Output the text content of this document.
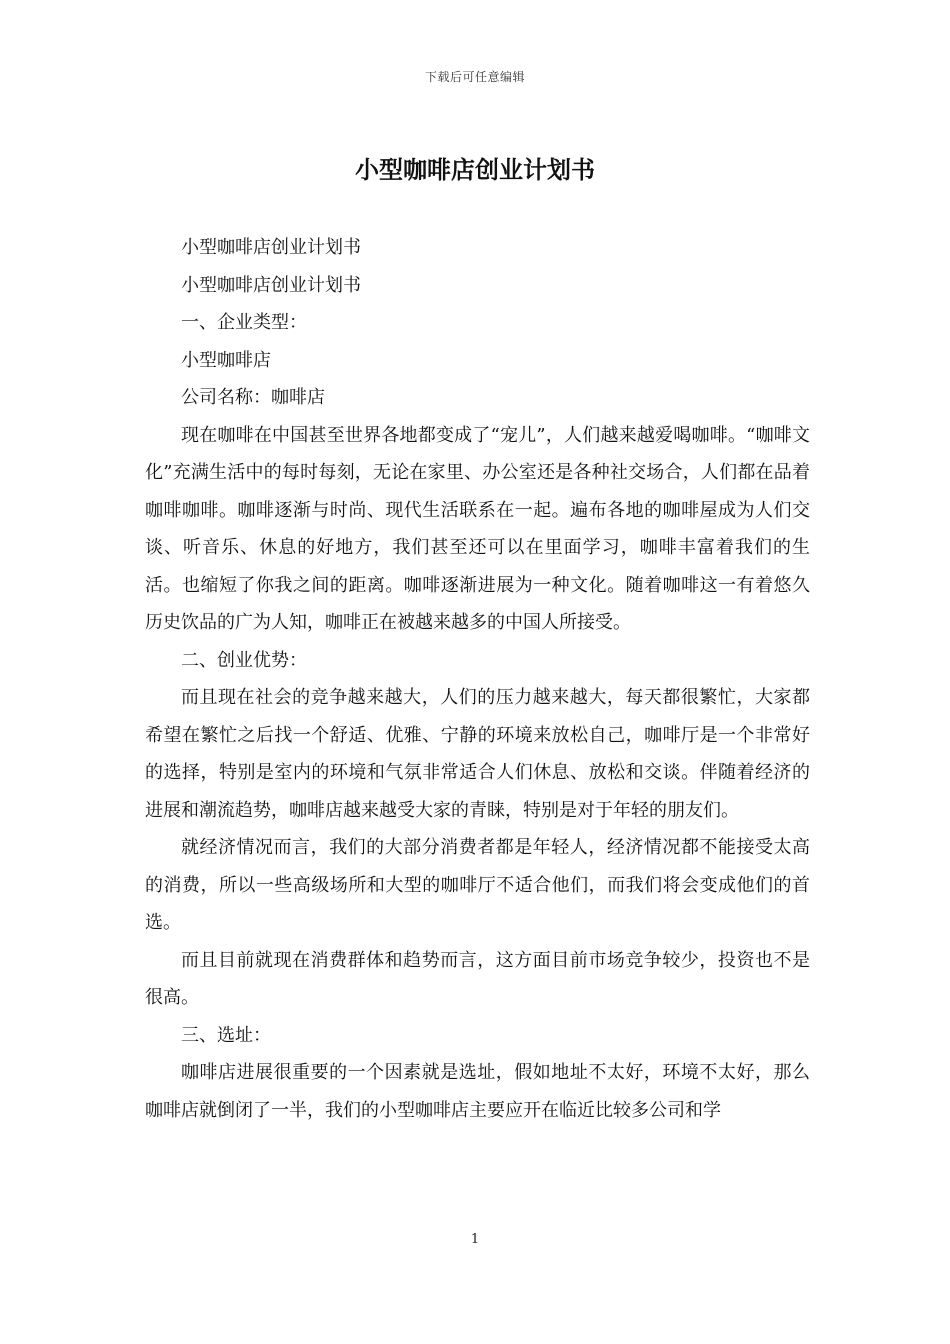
下载后可任意编辑
小型咖啡店创业计划书

小型咖啡店创业计划书

小型咖啡店创业计划书

一、企业类型：

小型咖啡店

公司名称：咖啡店

现在咖啡在中国甚至世界各地都变成了“宠儿”，人们越来越爱喝咖啡。“咖啡文化”充满生活中的每时每刻，无论在家里、办公室还是各种社交场合，人们都在品着咖啡咖啡。咖啡逐渐与时尚、现代生活联系在一起。遍布各地的咖啡屋成为人们交谈、听音乐、休息的好地方，我们甚至还可以在里面学习，咖啡丰富着我们的生活。也缩短了你我之间的距离。咖啡逐渐进展为一种文化。随着咖啡这一有着悠久历史饮品的广为人知，咖啡正在被越来越多的中国人所接受。

二、创业优势：

而且现在社会的竞争越来越大，人们的压力越来越大，每天都很繁忙，大家都希望在繁忙之后找一个舒适、优雅、宁静的环境来放松自己，咖啡厅是一个非常好的选择，特别是室内的环境和气氛非常适合人们休息、放松和交谈。伴随着经济的进展和潮流趋势，咖啡店越来越受大家的青睐，特别是对于年轻的朋友们。

就经济情况而言，我们的大部分消费者都是年轻人，经济情况都不能接受太高的消费，所以一些高级场所和大型的咖啡厅不适合他们，而我们将会变成他们的首选。

而且目前就现在消费群体和趋势而言，这方面目前市场竞争较少，投资也不是很高。

三、选址：

咖啡店进展很重要的一个因素就是选址，假如地址不太好，环境不太好，那么咖啡店就倒闭了一半，我们的小型咖啡店主要应开在临近比较多公司和学

1
